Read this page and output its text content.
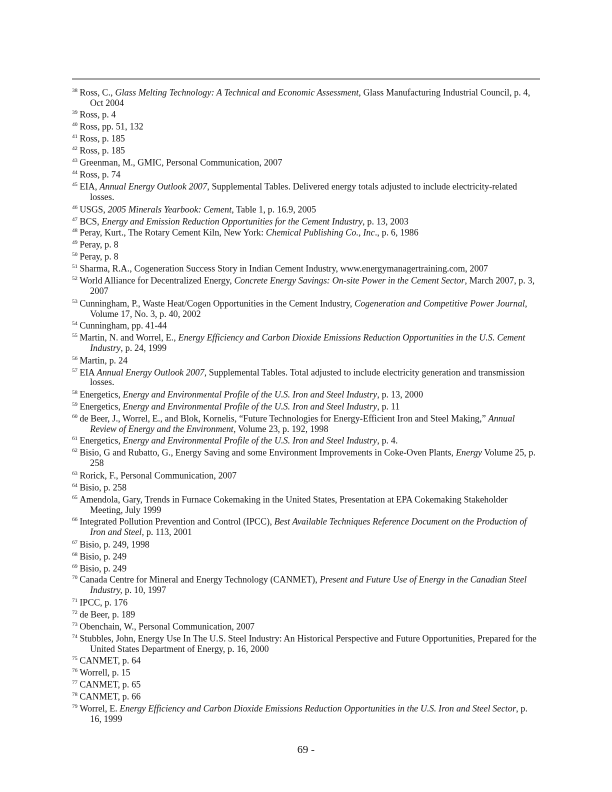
$^{38}$ Ross, C., Glass Melting Technology: A Technical and Economic Assessment, Glass Manufacturing Industrial Council, p. 4, Oct 2004

$^{39}$ Ross, p. 4

$^{40}$ Ross, pp. 51, 132

$^{41}$ Ross, p. 185

$^{42}$ Ross, p. 185

$^{43}$ Greenman, M., GMIC, Personal Communication, 2007

$^{44}$ Ross, p. 74

$^{45}$ EIA, Annual Energy Outlook 2007, Supplemental Tables. Delivered energy totals adjusted to include electricity-related losses.

$^{46}$ USGS, 2005 Minerals Yearbook: Cement, Table 1, p. 16.9, 2005

$^{47}$ BCS, Energy and Emission Reduction Opportunities for the Cement Industry, p. 13, 2003

$^{48}$ Peray, Kurt., The Rotary Cement Kiln, New York: Chemical Publishing Co., Inc., p. 6, 1986

$^{49}$ Peray, p. 8

$^{50}$ Peray, p. 8

$^{51}$ Sharma, R.A., Cogeneration Success Story in Indian Cement Industry, www.energymanagertraining.com, 2007

$^{52}$ World Alliance for Decentralized Energy, Concrete Energy Savings: On-site Power in the Cement Sector, March 2007, p. 3, 2007

$^{53}$ Cunningham, P., Waste Heat/Cogen Opportunities in the Cement Industry, Cogeneration and Competitive Power Journal, Volume 17, No. 3, p. 40, 2002

$^{54}$ Cunningham, pp. 41-44

$^{55}$ Martin, N. and Worrel, E., Energy Efficiency and Carbon Dioxide Emissions Reduction Opportunities in the U.S. Cement Industry, p. 24, 1999

$^{56}$ Martin, p. 24

$^{57}$ EIA Annual Energy Outlook 2007, Supplemental Tables. Total adjusted to include electricity generation and transmission losses.

$^{58}$ Energetics, Energy and Environmental Profile of the U.S. Iron and Steel Industry, p. 13, 2000

$^{59}$ Energetics, Energy and Environmental Profile of the U.S. Iron and Steel Industry, p. 11

$^{60}$ de Beer, J., Worrel, E., and Blok, Kornelis, “Future Technologies for Energy-Efficient Iron and Steel Making,” Annual Review of Energy and the Environment, Volume 23, p. 192, 1998

$^{61}$ Energetics, Energy and Environmental Profile of the U.S. Iron and Steel Industry, p. 4.

$^{62}$ Bisio, G and Rubatto, G., Energy Saving and some Environment Improvements in Coke-Oven Plants, Energy Volume 25, p. 258

$^{63}$ Rorick, F., Personal Communication, 2007

$^{64}$ Bisio, p. 258

$^{65}$ Amendola, Gary, Trends in Furnace Cokemaking in the United States, Presentation at EPA Cokemaking Stakeholder Meeting, July 1999

$^{66}$ Integrated Pollution Prevention and Control (IPCC), Best Available Techniques Reference Document on the Production of Iron and Steel, p. 113, 2001

$^{67}$ Bisio, p. 249, 1998

$^{68}$ Bisio, p. 249

$^{69}$ Bisio, p. 249

$^{70}$ Canada Centre for Mineral and Energy Technology (CANMET), Present and Future Use of Energy in the Canadian Steel Industry, p. 10, 1997

$^{71}$ IPCC, p. 176

$^{72}$ de Beer, p. 189

$^{73}$ Obenchain, W., Personal Communication, 2007

$^{74}$ Stubbles, John, Energy Use In The U.S. Steel Industry: An Historical Perspective and Future Opportunities, Prepared for the United States Department of Energy, p. 16, 2000

$^{75}$ CANMET, p. 64

$^{76}$ Worrell, p. 15

$^{77}$ CANMET, p. 65

$^{78}$ CANMET, p. 66

$^{79}$ Worrel, E. Energy Efficiency and Carbon Dioxide Emissions Reduction Opportunities in the U.S. Iron and Steel Sector, p. 16, 1999

69 -
